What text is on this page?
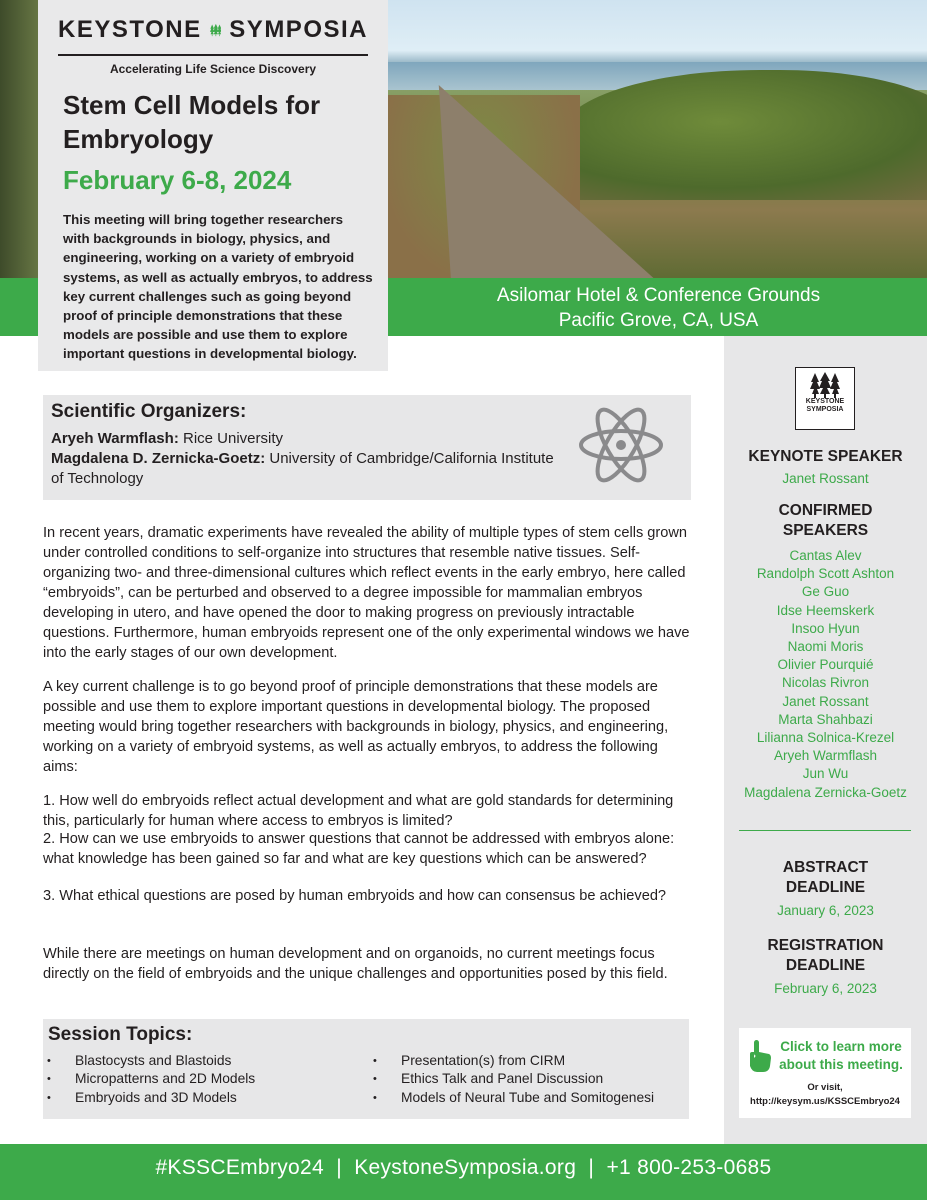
Asilomar Hotel & Conference Grounds
Pacific Grove, CA, USA
KEYSTONE SYMPOSIA
Accelerating Life Science Discovery
Stem Cell Models for Embryology
February 6-8, 2024
This meeting will bring together researchers with backgrounds in biology, physics, and engineering, working on a variety of embryoid systems, as well as actually embryos, to address key current challenges such as going beyond proof of principle demonstrations that these models are possible and use them to explore important questions in developmental biology.
KEYSTONE
SYMPOSIA
KEYNOTE SPEAKER
Janet Rossant
CONFIRMED
SPEAKERS
Cantas Alev
Randolph Scott Ashton
Ge Guo
Idse Heemskerk
Insoo Hyun
Naomi Moris
Olivier Pourquié
Nicolas Rivron
Janet Rossant
Marta Shahbazi
Lilianna Solnica-Krezel
Aryeh Warmflash
Jun Wu
Magdalena Zernicka-Goetz
ABSTRACT
DEADLINE
January 6, 2023
REGISTRATION
DEADLINE
February 6, 2023
Click to learn more
about this meeting.
Or visit,
http://keysym.us/KSSCEmbryo24
Scientific Organizers:
Aryeh Warmflash: Rice University
Magdalena D. Zernicka-Goetz: University of Cambridge/California Institute of Technology
In recent years, dramatic experiments have revealed the ability of multiple types of stem cells grown under controlled conditions to self-organize into structures that resemble native tissues. Self-organizing two- and three-dimensional cultures which reflect events in the early embryo, here called “embryoids”, can be perturbed and observed to a degree impossible for mammalian embryos developing in utero, and have opened the door to making progress on previously intractable questions. Furthermore, human embryoids represent one of the only experimental windows we have into the early stages of our own development.
A key current challenge is to go beyond proof of principle demonstrations that these models are possible and use them to explore important questions in developmental biology. The proposed meeting would bring together researchers with backgrounds in biology, physics, and engineering, working on a variety of embryoid systems, as well as actually embryos, to address the following aims:
1. How well do embryoids reflect actual development and what are gold standards for determining this, particularly for human where access to embryos is limited?
2. How can we use embryoids to answer questions that cannot be addressed with embryos alone: what knowledge has been gained so far and what are key questions which can be answered?
3. What ethical questions are posed by human embryoids and how can consensus be achieved?
While there are meetings on human development and on organoids, no current meetings focus directly on the field of embryoids and the unique challenges and opportunities posed by this field.
Session Topics:
• Blastocysts and Blastoids
• Micropatterns and 2D Models
• Embryoids and 3D Models
• Presentation(s) from CIRM
• Ethics Talk and Panel Discussion
• Models of Neural Tube and Somitogenesi
#KSSCEmbryo24  |  KeystoneSymposia.org  |  +1 800-253-0685
